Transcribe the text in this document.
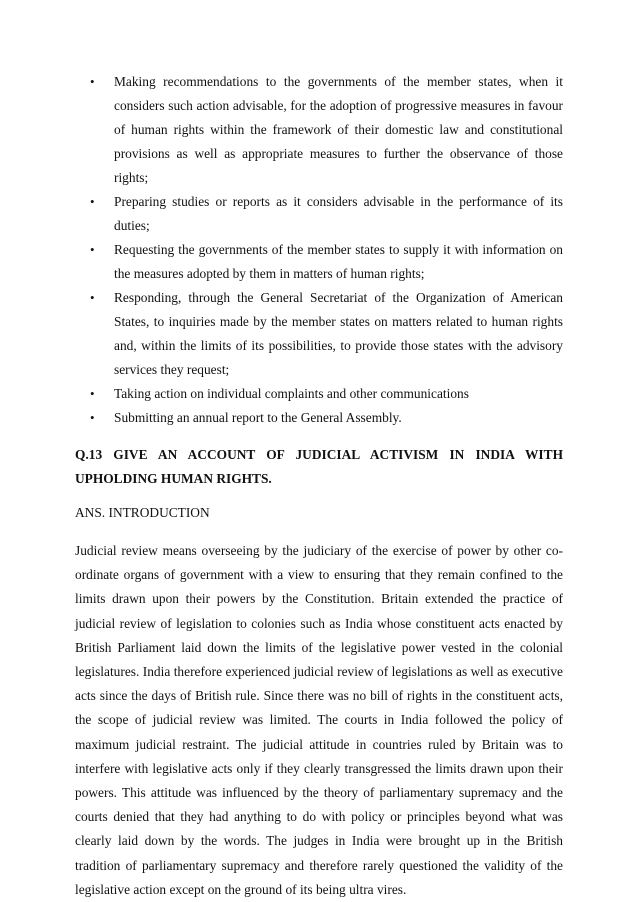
• Making recommendations to the governments of the member states, when it considers such action advisable, for the adoption of progressive measures in favour of human rights within the framework of their domestic law and constitutional provisions as well as appropriate measures to further the observance of those rights;
• Preparing studies or reports as it considers advisable in the performance of its duties;
• Requesting the governments of the member states to supply it with information on the measures adopted by them in matters of human rights;
• Responding, through the General Secretariat of the Organization of American States, to inquiries made by the member states on matters related to human rights and, within the limits of its possibilities, to provide those states with the advisory services they request;
• Taking action on individual complaints and other communications
• Submitting an annual report to the General Assembly.
Q.13 GIVE AN ACCOUNT OF JUDICIAL ACTIVISM IN INDIA WITH UPHOLDING HUMAN RIGHTS.
ANS. INTRODUCTION
Judicial review means overseeing by the judiciary of the exercise of power by other co- ordinate organs of government with a view to ensuring that they remain confined to the limits drawn upon their powers by the Constitution. Britain extended the practice of judicial review of legislation to colonies such as India whose constituent acts enacted by British Parliament laid down the limits of the legislative power vested in the colonial legislatures. India therefore experienced judicial review of legislations as well as executive acts since the days of British rule. Since there was no bill of rights in the constituent acts, the scope of judicial review was limited. The courts in India followed the policy of maximum judicial restraint. The judicial attitude in countries ruled by Britain was to interfere with legislative acts only if they clearly transgressed the limits drawn upon their powers. This attitude was influenced by the theory of parliamentary supremacy and the courts denied that they had anything to do with policy or principles beyond what was clearly laid down by the words. The judges in India were brought up in the British tradition of parliamentary supremacy and therefore rarely questioned the validity of the legislative action except on the ground of its being ultra vires.
